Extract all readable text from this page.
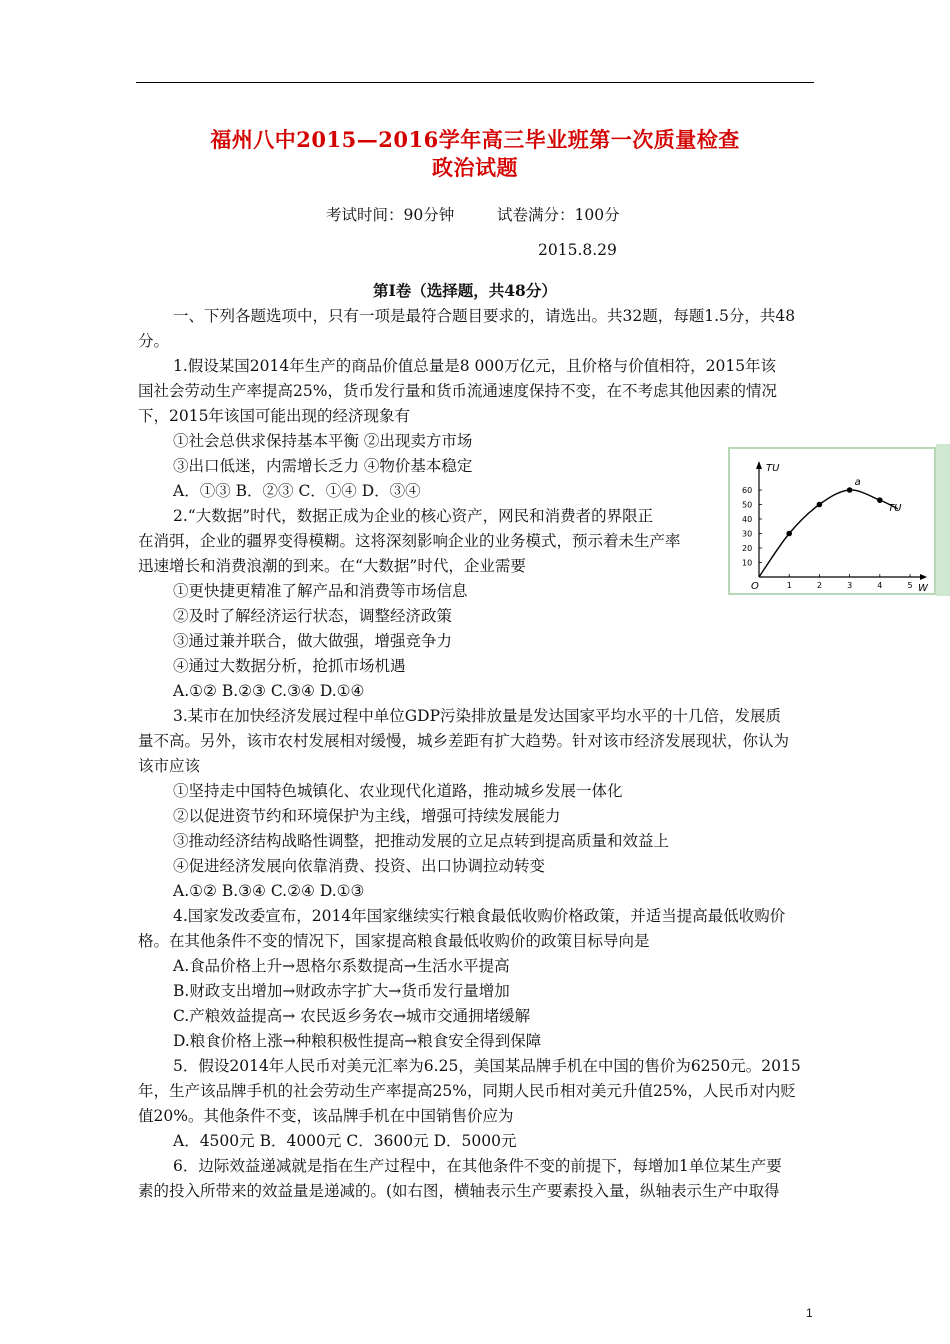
福州八中2015—2016学年高三毕业班第一次质量检查
政治试题
考试时间：90分钟	试卷满分：100分
2015.8.29
第Ⅰ卷（选择题，共48分）
一、下列各题选项中，只有一项是最符合题目要求的，请选出。共32题，每题1.5分，共48
分。
1.假设某国2014年生产的商品价值总量是8 000万亿元，且价格与价值相符，2015年该
国社会劳动生产率提高25%，货币发行量和货币流通速度保持不变，在不考虑其他因素的情况
下，2015年该国可能出现的经济现象有
①社会总供求保持基本平衡 ②出现卖方市场
③出口低迷，内需增长乏力 ④物价基本稳定
A．①③ B．②③ C．①④ D．③④
2.“大数据”时代，数据正成为企业的核心资产，网民和消费者的界限正
在消弭，企业的疆界变得模糊。这将深刻影响企业的业务模式，预示着未生产率
迅速增长和消费浪潮的到来。在“大数据”时代，企业需要
①更快捷更精准了解产品和消费等市场信息
②及时了解经济运行状态，调整经济政策
③通过兼并联合，做大做强，增强竞争力
④通过大数据分析，抢抓市场机遇
A.①② B.②③ C.③④ D.①④
3.某市在加快经济发展过程中单位GDP污染排放量是发达国家平均水平的十几倍，发展质
量不高。另外，该市农村发展相对缓慢，城乡差距有扩大趋势。针对该市经济发展现状，你认为
该市应该
①坚持走中国特色城镇化、农业现代化道路，推动城乡发展一体化
②以促进资节约和环境保护为主线，增强可持续发展能力
③推动经济结构战略性调整，把推动发展的立足点转到提高质量和效益上
④促进经济发展向依靠消费、投资、出口协调拉动转变
A.①② B.③④ C.②④ D.①③
4.国家发改委宣布，2014年国家继续实行粮食最低收购价格政策，并适当提高最低收购价
格。在其他条件不变的情况下，国家提高粮食最低收购价的政策目标导向是
A.食品价格上升→恩格尔系数提高→生活水平提高
B.财政支出增加→财政赤字扩大→货币发行量增加
C.产粮效益提高→ 农民返乡务农→城市交通拥堵缓解
D.粮食价格上涨→种粮积极性提高→粮食安全得到保障
5．假设2014年人民币对美元汇率为6.25，美国某品牌手机在中国的售价为6250元。2015
年，生产该品牌手机的社会劳动生产率提高25%，同期人民币相对美元升值25%，人民币对内贬
值20%。其他条件不变，该品牌手机在中国销售价应为
A．4500元 B．4000元 C．3600元 D．5000元
6．边际效益递减就是指在生产过程中，在其他条件不变的前提下，每增加1单位某生产要
素的投入所带来的效益量是递减的。(如右图，横轴表示生产要素投入量，纵轴表示生产中取得
60
50
40
30
20
10
1	2	3	4	5
TU
W
O
TU
a
1
